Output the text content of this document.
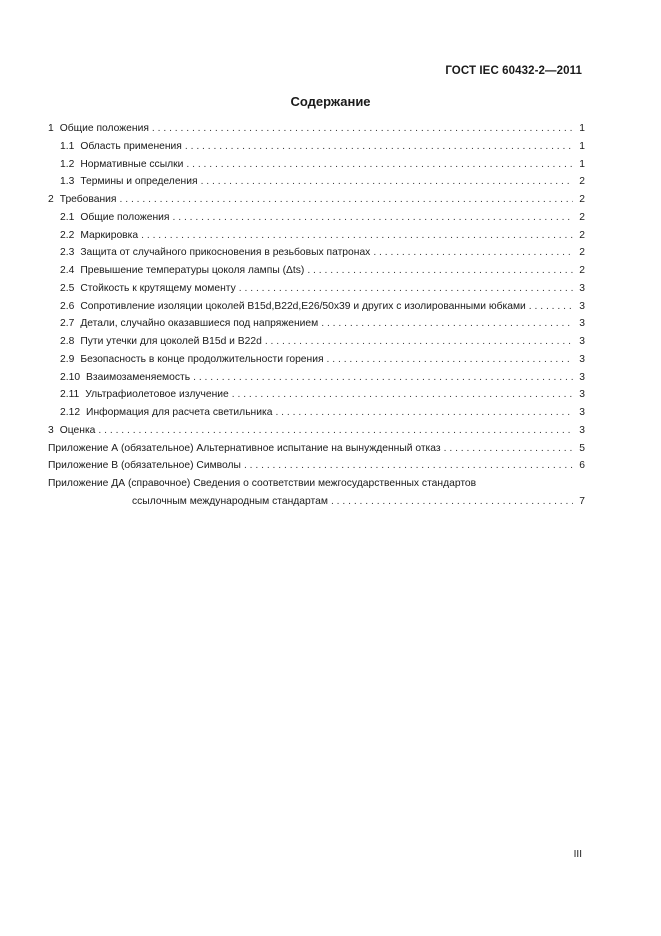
ГОСТ IEC 60432-2—2011
Содержание
1 Общие положения . . .	1
1.1 Область применения . . .	1
1.2 Нормативные ссылки . . .	1
1.3 Термины и определения . . .	2
2 Требования . . .	2
2.1 Общие положения . . .	2
2.2 Маркировка . . .	2
2.3 Защита от случайного прикосновения в резьбовых патронах . . .	2
2.4 Превышение температуры цоколя лампы (Δts) . . .	2
2.5 Стойкость к крутящему моменту . . .	3
2.6 Сопротивление изоляции цоколей B15d,B22d,E26/50x39 и других с изолированными юбками . . .	3
2.7 Детали, случайно оказавшиеся под напряжением . . .	3
2.8 Пути утечки для цоколей B15d и B22d . . .	3
2.9 Безопасность в конце продолжительности горения . . .	3
2.10 Взаимозаменяемость . . .	3
2.11 Ультрафиолетовое излучение . . .	3
2.12 Информация для расчета светильника . . .	3
3 Оценка . . .	3
Приложение А (обязательное) Альтернативное испытание на вынужденный отказ . . .	5
Приложение В (обязательное) Символы . . .	6
Приложение ДА (справочное) Сведения о соответствии межгосударственных стандартов
ссылочным международным стандартам . . .	7
III
